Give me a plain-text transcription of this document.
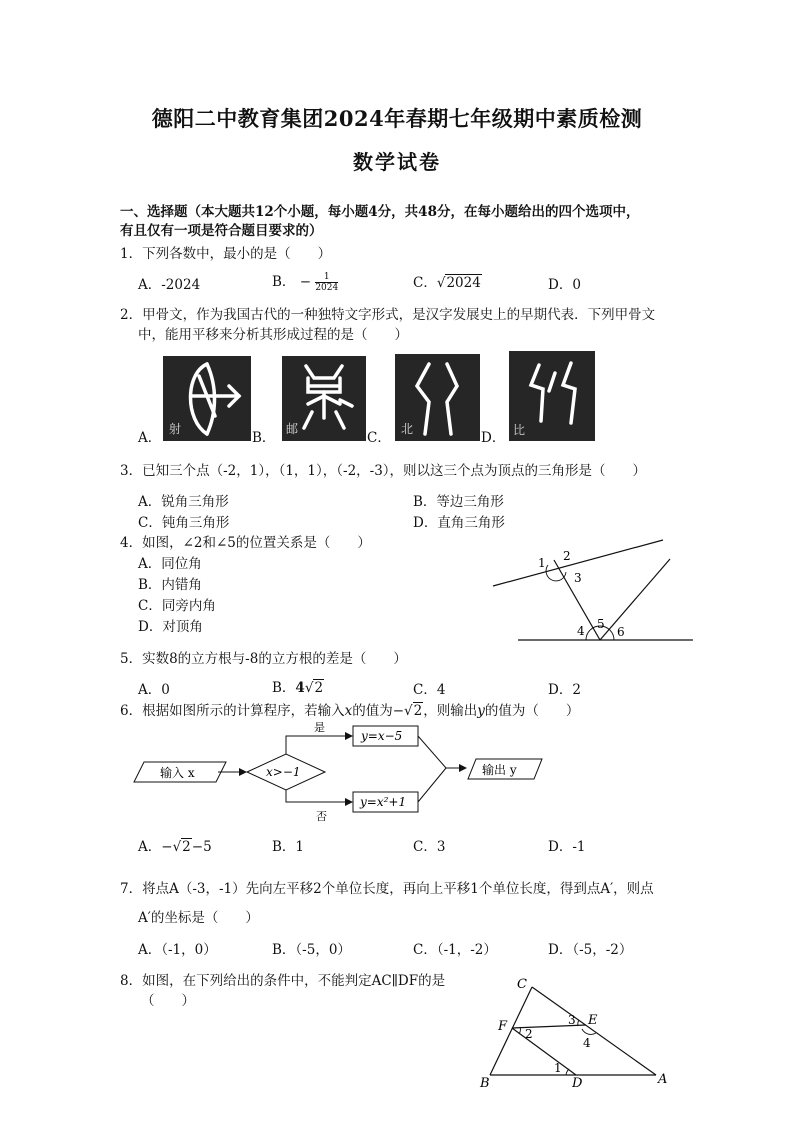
德阳二中教育集团2024年春期七年级期中素质检测
数学试卷
一、选择题（本大题共12个小题，每小题4分，共48分，在每小题给出的四个选项中，
有且仅有一项是符合题目要求的）
1．下列各数中，最小的是（　　）
A．-2024	B． − $\frac{1}{2024}$	C．√2024	D．0
2．甲骨文，作为我国古代的一种独特文字形式，是汉字发展史上的早期代表．下列甲骨文
中，能用平移来分析其形成过程的是（　　）
A．
射
B．
邮
C．
北
D． 比
3．已知三个点（-2，1），（1，1），（-2，-3），则以这三个点为顶点的三角形是（　　）
A．锐角三角形	B．等边三角形
C．钝角三角形	D．直角三角形
4．如图，∠2和∠5的位置关系是（　　）
A．同位角
B．内错角
C．同旁内角
D．对顶角
1 2
3
4 5
6
5．实数8的立方根与-8的立方根的差是（　　）
A．0	B．4√2	C．4	D．2
6．根据如图所示的计算程序，若输入x的值为−√2，则输出y的值为（　　）
输入 x	x>−1
是
否
y=x−5
y=x²+1
输出 y
A．−√2−5	B．1	C．3	D．-1
7．将点A（-3，-1）先向左平移2个单位长度，再向上平移1个单位长度，得到点A′，则点
A′的坐标是（　　）
A．（-1，0）	B．（-5，0）	C．（-1，-2）	D．（-5，-2）
8．如图，在下列给出的条件中，不能判定AC∥DF的是
（　　）
C
F	E
B	D	A
1
2
3
4
